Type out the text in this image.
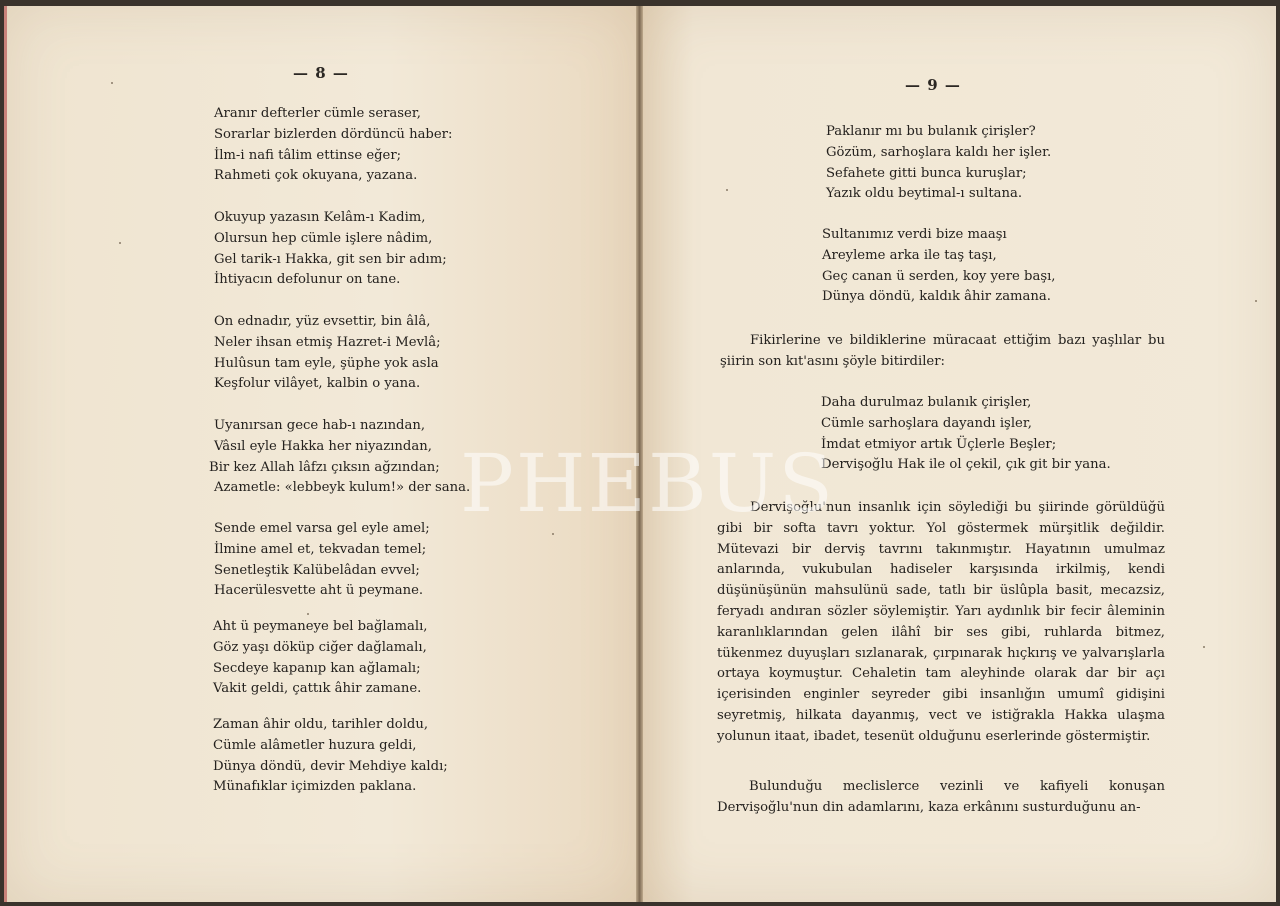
— 8 —
Aranır defterler cümle seraser,
Sorarlar bizlerden dördüncü haber:
İlm-i nafi tâlim ettinse eğer;
Rahmeti çok okuyana, yazana.
Okuyup yazasın Kelâm-ı Kadim,
Olursun hep cümle işlere nâdim,
Gel tarik-ı Hakka, git sen bir adım;
İhtiyacın defolunur on tane.
On ednadır, yüz evsettir, bin âlâ,
Neler ihsan etmiş Hazret-i Mevlâ;
Hulûsun tam eyle, şüphe yok asla
Keşfolur vilâyet, kalbin o yana.
Uyanırsan gece hab-ı nazından,
Vâsıl eyle Hakka her niyazından,
Bir kez Allah lâfzı çıksın ağzından;
Azametle: «lebbeyk kulum!» der sana.
Sende emel varsa gel eyle amel;
İlmine amel et, tekvadan temel;
Senetleştik Kalübelâdan evvel;
Hacerülesvette aht ü peymane.
Aht ü peymaneye bel bağlamalı,
Göz yaşı döküp ciğer dağlamalı,
Secdeye kapanıp kan ağlamalı;
Vakit geldi, çattık âhir zamane.
Zaman âhir oldu, tarihler doldu,
Cümle alâmetler huzura geldi,
Dünya döndü, devir Mehdiye kaldı;
Münafıklar içimizden paklana.
— 9 —
Paklanır mı bu bulanık çirişler?
Gözüm, sarhoşlara kaldı her işler.
Sefahete gitti bunca kuruşlar;
Yazık oldu beytimal-ı sultana.
Sultanımız verdi bize maaşı
Areyleme arka ile taş taşı,
Geç canan ü serden, koy yere başı,
Dünya döndü, kaldık âhir zamana.
Fikirlerine ve bildiklerine müracaat ettiğim bazı yaşlılar bu şiirin son kıt'asını şöyle bitirdiler:
Daha durulmaz bulanık çirişler,
Cümle sarhoşlara dayandı işler,
İmdat etmiyor artık Üçlerle Beşler;
Dervişoğlu Hak ile ol çekil, çık git bir yana.
Dervişoğlu'nun insanlık için söylediği bu şiirinde görüldüğü gibi bir softa tavrı yoktur. Yol göstermek mürşitlik değildir. Mütevazi bir derviş tavrını takınmıştır. Hayatının umulmaz anlarında, vukubulan hadiseler karşısında irkilmiş, kendi düşünüşünün mahsulünü sade, tatlı bir üslûpla basit, mecazsiz, feryadı andıran sözler söylemiştir. Yarı aydınlık bir fecir âleminin karanlıklarından gelen ilâhî bir ses gibi, ruhlarda bitmez, tükenmez duyuşları sızlanarak, çırpınarak hıçkırış ve yalvarışlarla ortaya koymuştur. Cehaletin tam aleyhinde olarak dar bir açı içerisinden enginler seyreder gibi insanlığın umumî gidişini seyretmiş, hilkata dayanmış, vect ve istiğrakla Hakka ulaşma yolunun itaat, ibadet, tesenüt olduğunu eserlerinde göstermiştir.
Bulunduğu meclislerce vezinli ve kafiyeli konuşan Dervişoğlu'nun din adamlarını, kaza erkânını susturduğunu an-
PHEBUS
